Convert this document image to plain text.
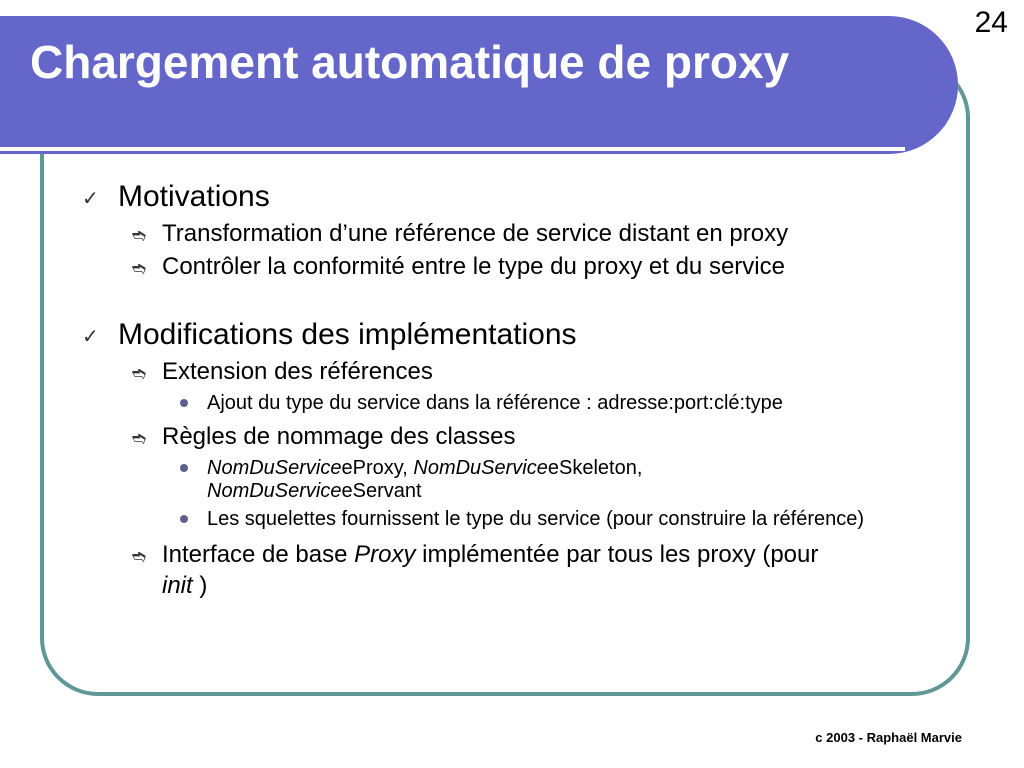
Chargement automatique de proxy
24
✓ Motivations
➬ Transformation d’une référence de service distant en proxy
➬ Contrôler la conformité entre le type du proxy et du service
✓ Modifications des implémentations
➬ Extension des références
Ajout du type du service dans la référence : adresse:port:clé:type
➬ Règles de nommage des classes
NomDuServiceeProxy, NomDuServiceeSkeleton,
NomDuServiceeServant
Les squelettes fournissent le type du service (pour construire la référence)
➬ Interface de base Proxy implémentée par tous les proxy (pour
init )
c 2003 - Raphaël Marvie
